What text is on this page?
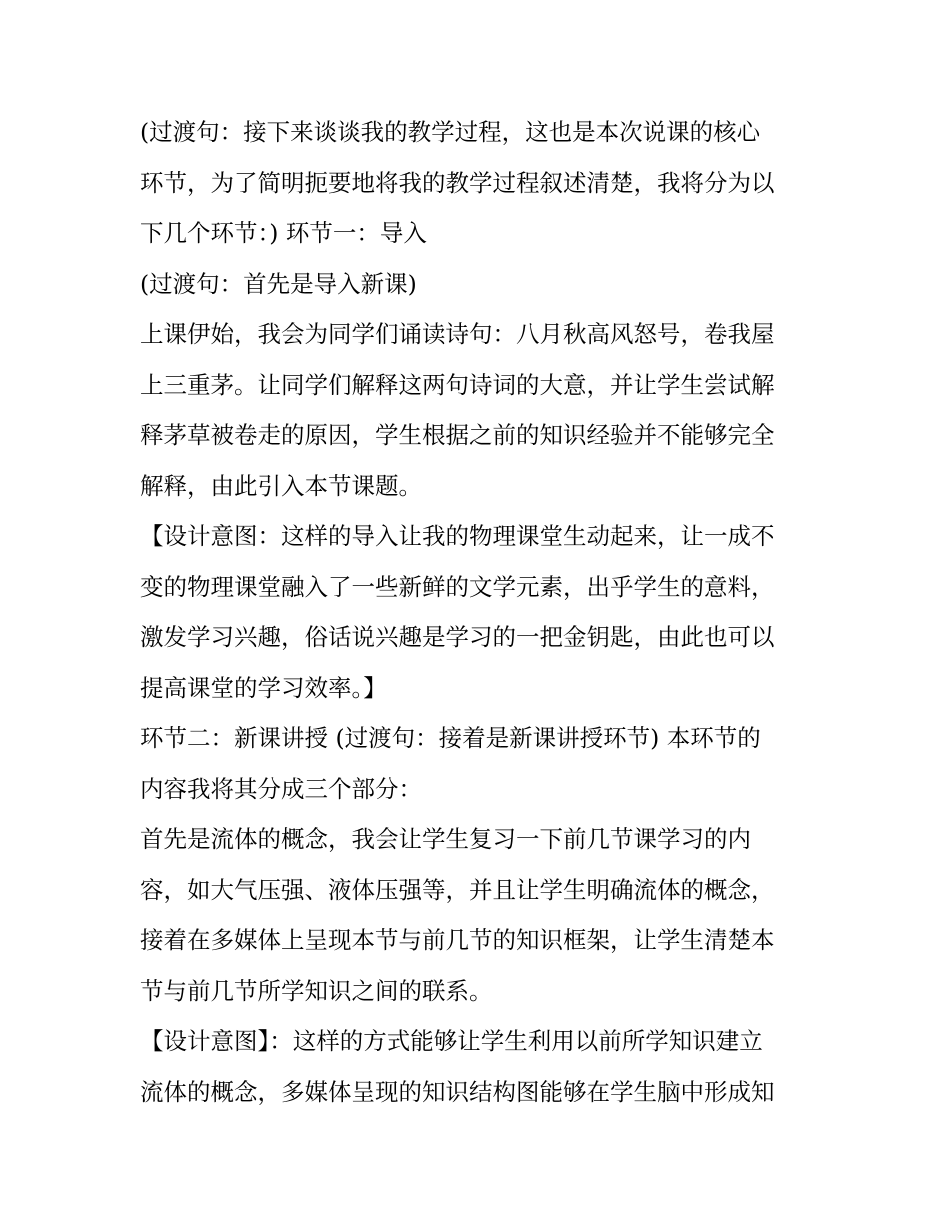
(过渡句：接下来谈谈我的教学过程，这也是本次说课的核心
环节，为了简明扼要地将我的教学过程叙述清楚，我将分为以
下几个环节：) 环节一：导入
(过渡句：首先是导入新课)
上课伊始，我会为同学们诵读诗句：八月秋高风怒号，卷我屋
上三重茅。让同学们解释这两句诗词的大意，并让学生尝试解
释茅草被卷走的原因，学生根据之前的知识经验并不能够完全
解释，由此引入本节课题。
【设计意图：这样的导入让我的物理课堂生动起来，让一成不
变的物理课堂融入了一些新鲜的文学元素，出乎学生的意料，
激发学习兴趣，俗话说兴趣是学习的一把金钥匙，由此也可以
提高课堂的学习效率。】
环节二：新课讲授 (过渡句：接着是新课讲授环节) 本环节的
内容我将其分成三个部分：
首先是流体的概念，我会让学生复习一下前几节课学习的内
容，如大气压强、液体压强等，并且让学生明确流体的概念，
接着在多媒体上呈现本节与前几节的知识框架，让学生清楚本
节与前几节所学知识之间的联系。
【设计意图】：这样的方式能够让学生利用以前所学知识建立
流体的概念，多媒体呈现的知识结构图能够在学生脑中形成知
